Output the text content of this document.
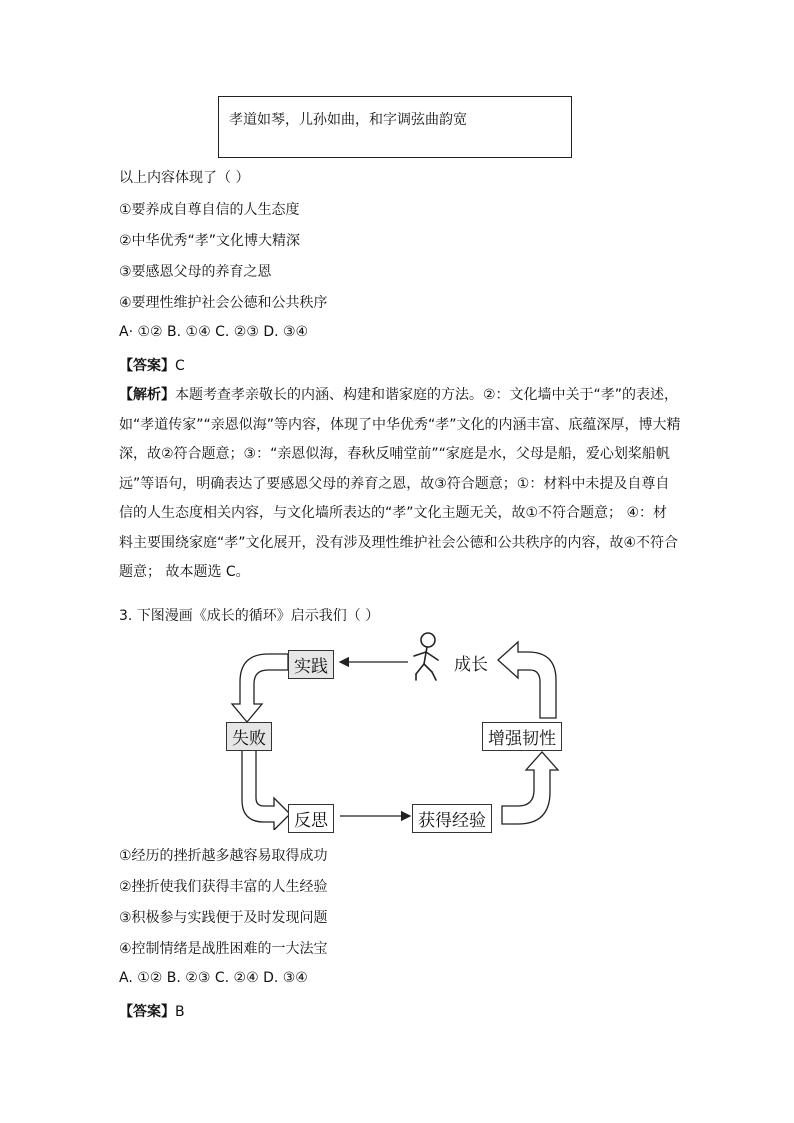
孝道如琴，儿孙如曲，和字调弦曲韵宽
以上内容体现了（ ）
①要养成自尊自信的人生态度
②中华优秀“孝”文化博大精深
③要感恩父母的养育之恩
④要理性维护社会公德和公共秩序
A· ①② B. ①④ C. ②③ D. ③④
【答案】C
【解析】本题考查孝亲敬长的内涵、构建和谐家庭的方法。②：文化墙中关于“孝”的表述，
如“孝道传家”“亲恩似海”等内容，体现了中华优秀“孝”文化的内涵丰富、底蕴深厚，博大精
深，故②符合题意；③：“亲恩似海，春秋反哺堂前”“家庭是水，父母是船，爱心划桨船帆
远”等语句，明确表达了要感恩父母的养育之恩，故③符合题意；①：材料中未提及自尊自
信的人生态度相关内容，与文化墙所表达的“孝”文化主题无关，故①不符合题意； ④：材
料主要围绕家庭“孝”文化展开，没有涉及理性维护社会公德和公共秩序的内容，故④不符合
题意； 故本题选 C。
3. 下图漫画《成长的循环》启示我们（ ）
实践	成长
失败	增强韧性
反思	获得经验
①经历的挫折越多越容易取得成功
②挫折使我们获得丰富的人生经验
③积极参与实践便于及时发现问题
④控制情绪是战胜困难的一大法宝
A. ①② B. ②③ C. ②④ D. ③④
【答案】B
